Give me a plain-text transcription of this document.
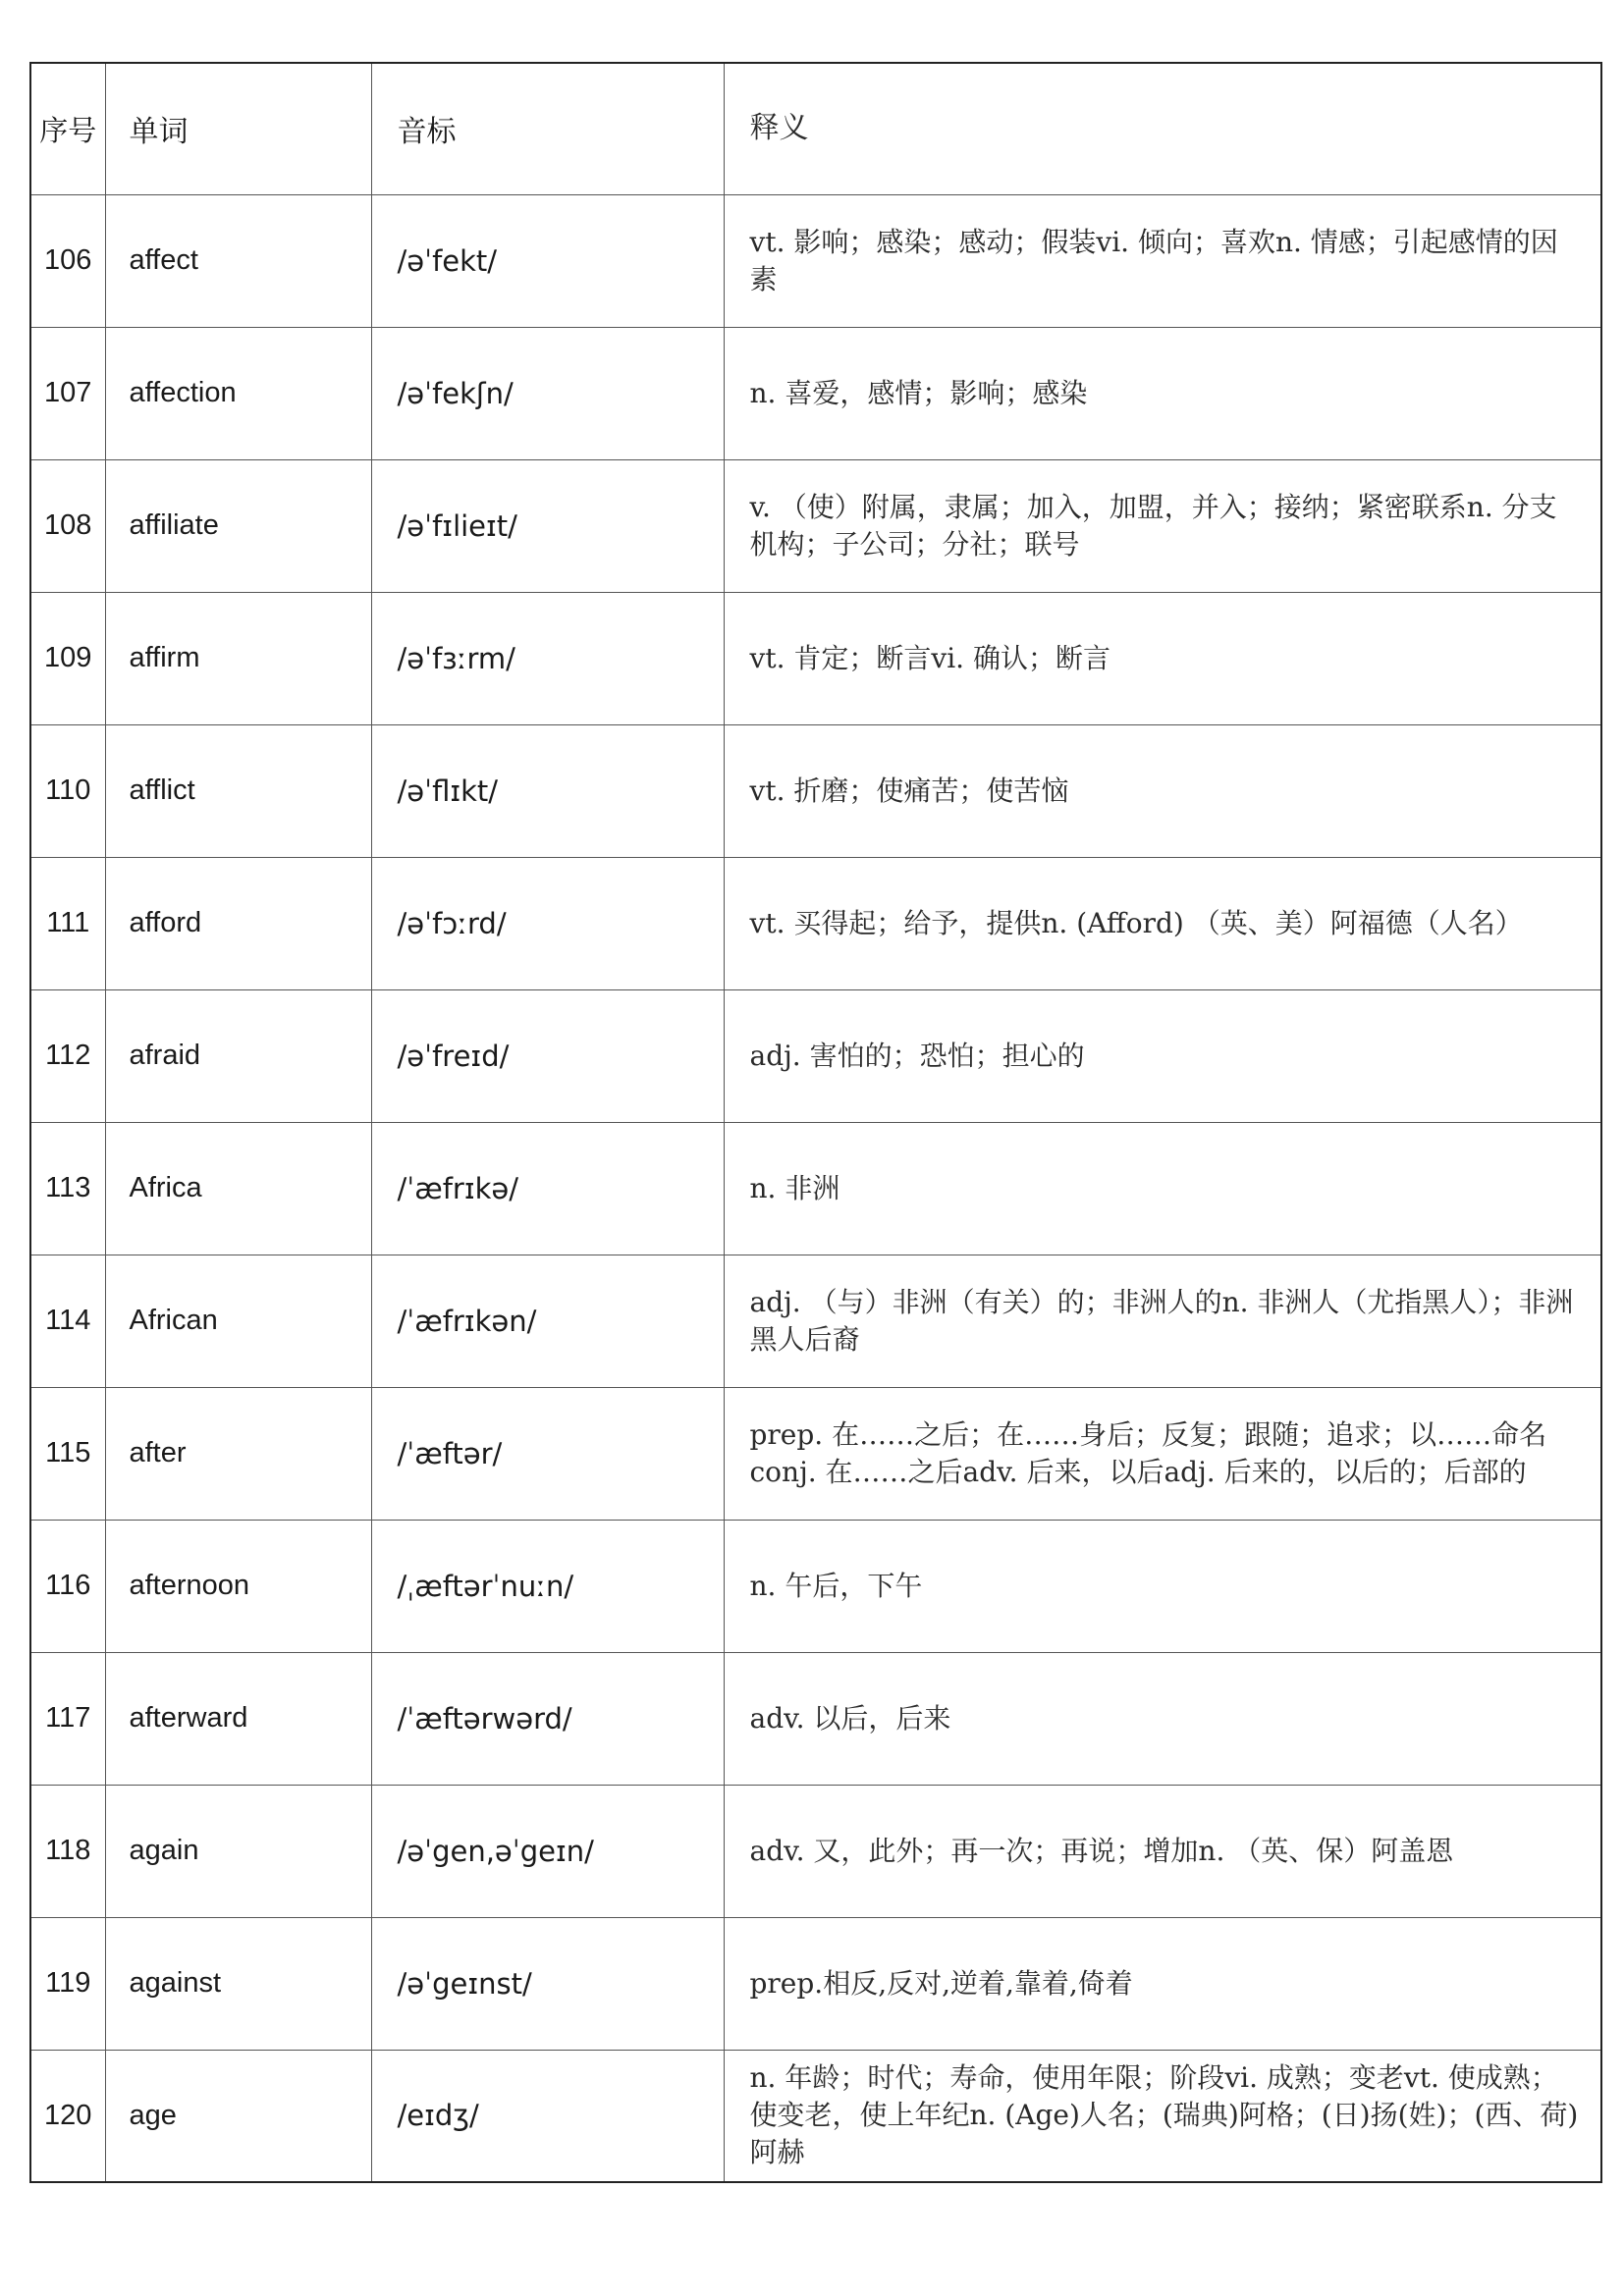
序号	单词	音标	释义
106	affect	/əˈfekt/	vt. 影响；感染；感动；假装vi. 倾向；喜欢n. 情感；引起感情的因素
107	affection	/əˈfekʃn/	n. 喜爱，感情；影响；感染
108	affiliate	/əˈfɪlieɪt/	v. （使）附属，隶属；加入，加盟，并入；接纳；紧密联系n. 分支机构；子公司；分社；联号
109	affirm	/əˈfɜːrm/	vt. 肯定；断言vi. 确认；断言
110	afflict	/əˈflɪkt/	vt. 折磨；使痛苦；使苦恼
111	afford	/əˈfɔːrd/	vt. 买得起；给予，提供n. (Afford) （英、美）阿福德（人名）
112	afraid	/əˈfreɪd/	adj. 害怕的；恐怕；担心的
113	Africa	/ˈæfrɪkə/	n. 非洲
114	African	/ˈæfrɪkən/	adj. （与）非洲（有关）的；非洲人的n. 非洲人（尤指黑人）；非洲黑人后裔
115	after	/ˈæftər/	prep. 在……之后；在……身后；反复；跟随；追求；以……命名conj. 在……之后adv. 后来，以后adj. 后来的，以后的；后部的
116	afternoon	/ˌæftərˈnuːn/	n. 午后，下午
117	afterward	/ˈæftərwərd/	adv. 以后，后来
118	again	/əˈgen,əˈgeɪn/	adv. 又，此外；再一次；再说；增加n. （英、保）阿盖恩
119	against	/əˈgeɪnst/	prep.相反,反对,逆着,靠着,倚着
120	age	/eɪdʒ/	n. 年龄；时代；寿命，使用年限；阶段vi. 成熟；变老vt. 使成熟；使变老，使上年纪n. (Age)人名；(瑞典)阿格；(日)扬(姓)；(西、荷)阿赫
